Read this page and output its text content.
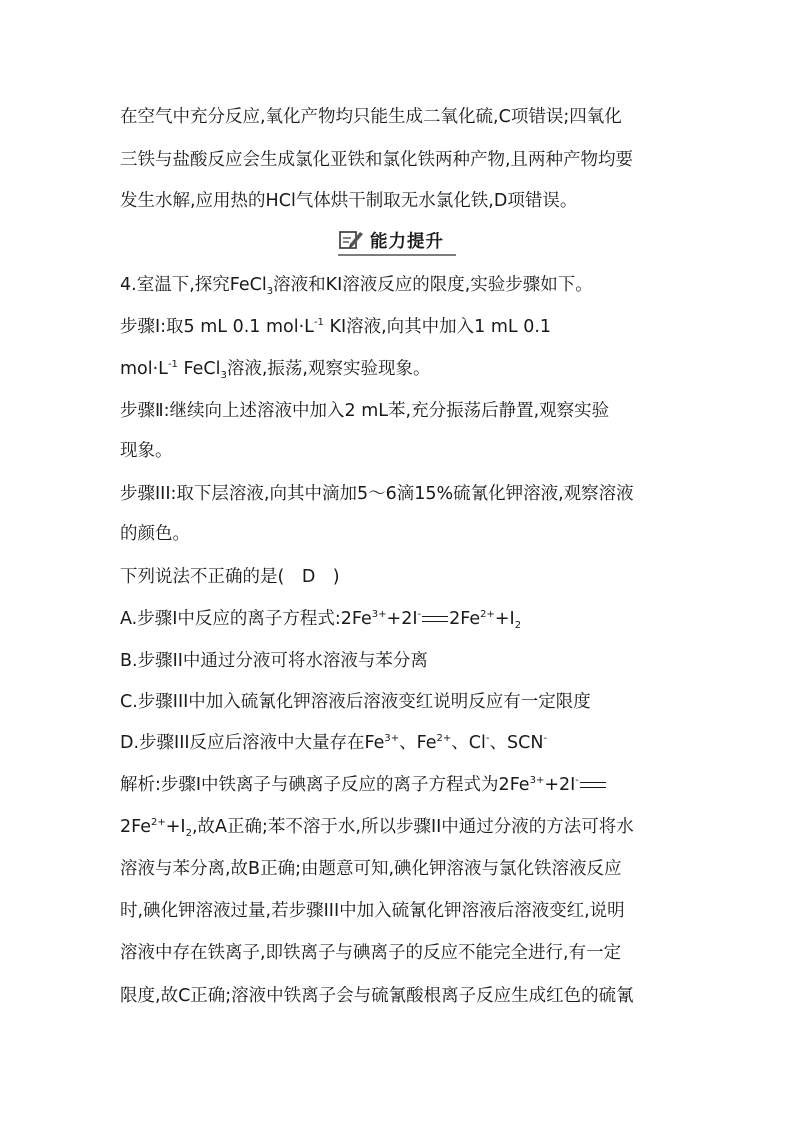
在空气中充分反应,氧化产物均只能生成二氧化硫,C项错误;四氧化
三铁与盐酸反应会生成氯化亚铁和氯化铁两种产物,且两种产物均要
发生水解,应用热的HCl气体烘干制取无水氯化铁,D项错误。
能力提升
4.室温下,探究FeCl$_3$溶液和KI溶液反应的限度,实验步骤如下。
步骤Ⅰ:取5 mL 0.1 $mol\cdot L^{-1}$ KI溶液,向其中加入1 mL 0.1
$mol\cdot L^{-1}$ FeCl$_3$溶液,振荡,观察实验现象。
步骤Ⅱ:继续向上述溶液中加入2 mL苯,充分振荡后静置,观察实验
现象。
步骤III:取下层溶液,向其中滴加5～6滴15%硫氰化钾溶液,观察溶液
的颜色。
下列说法不正确的是(　D　)
A.步骤Ⅰ中反应的离子方程式$:2Fe^{3+}+2I^-$ $2Fe^{2+}+I_2$
B.步骤II中通过分液可将水溶液与苯分离
C.步骤III中加入硫氰化钾溶液后溶液变红说明反应有一定限度
D.步骤III反应后溶液中大量存在$Fe^{3+}$、$Fe^{2+}$、Cl-、SCN-
解析:步骤Ⅰ中铁离子与碘离子反应的离子方程式为$2Fe^{3+}+2I^-$
$2Fe^{2+}+I_2$,故A正确;苯不溶于水,所以步骤II中通过分液的方法可将水
溶液与苯分离,故B正确;由题意可知,碘化钾溶液与氯化铁溶液反应
时,碘化钾溶液过量,若步骤III中加入硫氰化钾溶液后溶液变红,说明
溶液中存在铁离子,即铁离子与碘离子的反应不能完全进行,有一定
限度,故C正确;溶液中铁离子会与硫氰酸根离子反应生成红色的硫氰
